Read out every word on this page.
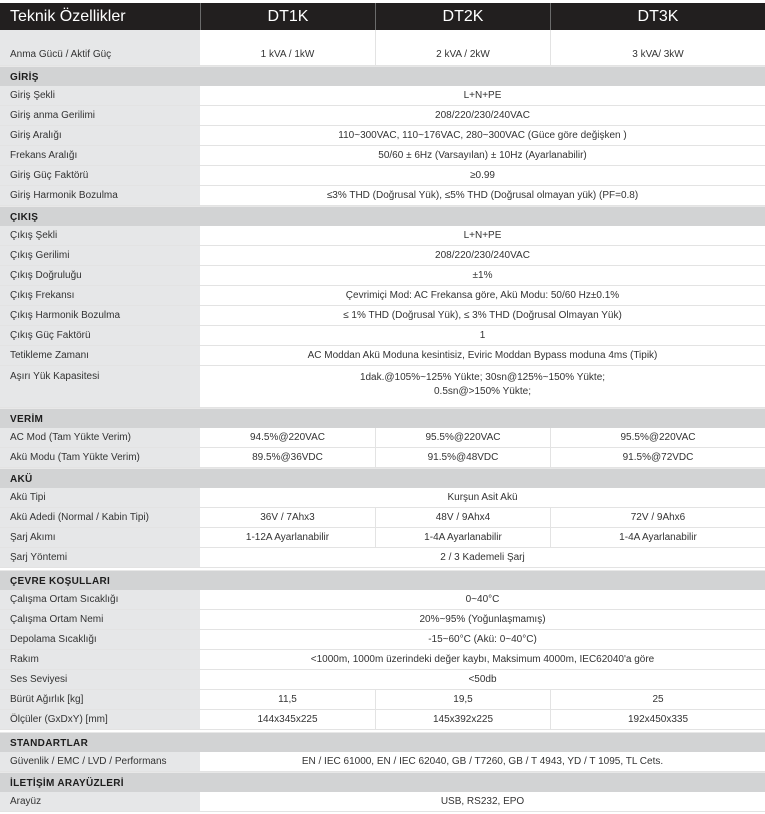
Teknik Özellikler	DT1K	DT2K	DT3K
Anma Gücü / Aktif Güç	1 kVA / 1kW	2 kVA / 2kW	3 kVA/ 3kW
GİRİŞ
Giriş Şekli	L+N+PE
Giriş anma Gerilimi	208/220/230/240VAC
Giriş Aralığı	110~300VAC, 110~176VAC, 280~300VAC (Güce göre değişken )
Frekans Aralığı	50/60 ± 6Hz (Varsayılan) ± 10Hz (Ayarlanabilir)
Giriş Güç Faktörü	≥0.99
Giriş Harmonik Bozulma	≤3% THD (Doğrusal Yük), ≤5% THD (Doğrusal olmayan yük) (PF=0.8)
ÇIKIŞ
Çıkış Şekli	L+N+PE
Çıkış Gerilimi	208/220/230/240VAC
Çıkış Doğruluğu	±1%
Çıkış Frekansı	Çevrimiçi Mod: AC Frekansa göre, Akü Modu: 50/60 Hz±0.1%
Çıkış Harmonik Bozulma	≤ 1% THD (Doğrusal Yük), ≤ 3% THD (Doğrusal Olmayan Yük)
Çıkış Güç Faktörü	1
Tetikleme Zamanı	AC Moddan Akü Moduna kesintisiz, Eviric Moddan Bypass moduna 4ms (Tipik)
Aşırı Yük Kapasitesi	1dak.@105%~125% Yükte; 30sn@125%~150% Yükte;
0.5sn@>150% Yükte;
VERİM
AC Mod (Tam Yükte Verim)	94.5%@220VAC	95.5%@220VAC	95.5%@220VAC
Akü Modu (Tam Yükte Verim)	89.5%@36VDC	91.5%@48VDC	91.5%@72VDC
AKÜ
Akü Tipi	Kurşun Asit Akü
Akü Adedi (Normal / Kabin Tipi)	36V / 7Ahx3	48V / 9Ahx4	72V / 9Ahx6
Şarj Akımı	1-12A Ayarlanabilir	1-4A Ayarlanabilir	1-4A Ayarlanabilir
Şarj Yöntemi	2 / 3 Kademeli Şarj
ÇEVRE KOŞULLARI
Çalışma Ortam Sıcaklığı	0~40°C
Çalışma Ortam Nemi	20%~95% (Yoğunlaşmamış)
Depolama Sıcaklığı	-15~60°C (Akü: 0~40°C)
Rakım	<1000m, 1000m üzerindeki değer kaybı, Maksimum 4000m, IEC62040'a göre
Ses Seviyesi	<50db
Bürüt Ağırlık [kg]	11,5	19,5	25
Ölçüler (GxDxY) [mm]	144x345x225	145x392x225	192x450x335
STANDARTLAR
Güvenlik / EMC / LVD / Performans	EN / IEC 61000, EN / IEC 62040, GB / T7260, GB / T 4943, YD / T 1095, TL Cets.
İLETİŞİM ARAYÜZLERİ
Arayüz	USB, RS232, EPO
